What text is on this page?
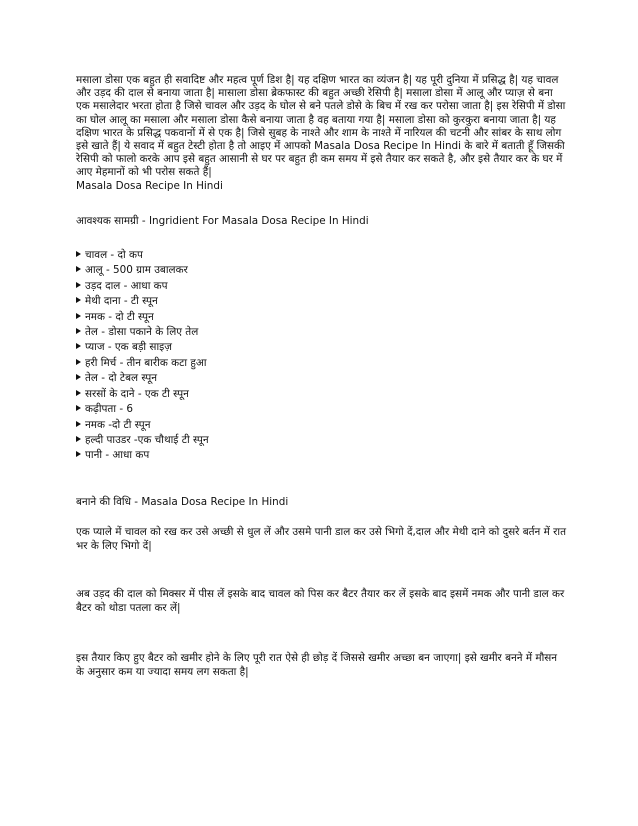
मसाला डोसा एक बहुत ही सवादिष्ट और महत्व पूर्ण डिश है| यह दक्षिण भारत का व्यंजन है| यह पूरी दुनिया में प्रसिद्ध है| यह चावल और उड़द की दाल से बनाया जाता है| मासाला डोसा ब्रेकफास्ट की बहुत अच्छी रेसिपी है| मसाला डोसा में आलू और प्याज़ से बना एक मसालेदार भरता होता है जिसे चावल और उड़द के घोल से बने पतले डोसे के बिच में रख कर परोसा जाता है| इस रेसिपी में डोसा का घोल आलू का मसाला और मसाला डोसा कैसे बनाया जाता है वह बताया गया है| मसाला डोसा को कुरकुरा बनाया जाता है| यह दक्षिण भारत के प्रसिद्ध पकवानों में से एक है| जिसे सुबह के नाश्ते और शाम के नाश्ते में नारियल की चटनी और सांबर के साथ लोग इसे खाते हैं| ये सवाद में बहुत टेस्टी होता है तो आइए में आपको Masala Dosa Recipe In Hindi के बारे में बताती हूँ जिसकी रेसिपी को फालो करके आप इसे बहुत आसानी से घर पर बहुत ही कम समय में इसे तैयार कर सकते है, और इसे तैयार कर के घर में आए मेहमानों को भी परोस सकते हैं|

Masala Dosa Recipe In Hindi

आवश्यक सामग्री - Ingridient For Masala Dosa Recipe In Hindi

चावल - दो कप
आलू - 500 ग्राम उबालकर
उड़द दाल - आधा कप
मेथी दाना - टी स्पून
नमक - दो टी स्पून
तेल - डोसा पकाने के लिए तेल
प्याज - एक बड़ी साइज़
हरी मिर्च - तीन बारीक कटा हुआ
तेल - दो टेबल स्पून
सरसों के दाने - एक टी स्पून
कढ़ीपता - 6
नमक -दो टी स्पून
हल्दी पाउडर -एक चौथाई टी स्पून
पानी - आधा कप

बनाने की विधि - Masala Dosa Recipe In Hindi

एक प्याले में चावल को रख कर उसे अच्छी से धुल लें और उसमे पानी डाल कर उसे भिगो दें,दाल और मेथी दाने को दुसरे बर्तन में रात भर के लिए भिगो दें|

अब उड़द की दाल को मिक्सर में पीस लें इसके बाद चावल को पिस कर बैटर तैयार कर लें इसके बाद इसमें नमक और पानी डाल कर बैटर को थोडा पतला कर लें|

इस तैयार किए हुए बैटर को खमीर होने के लिए पूरी रात ऐसे ही छोड़ दें जिससे खमीर अच्छा बन जाएगा| इसे खमीर बनने में मौसन के अनुसार कम या ज्यादा समय लग सकता है|
